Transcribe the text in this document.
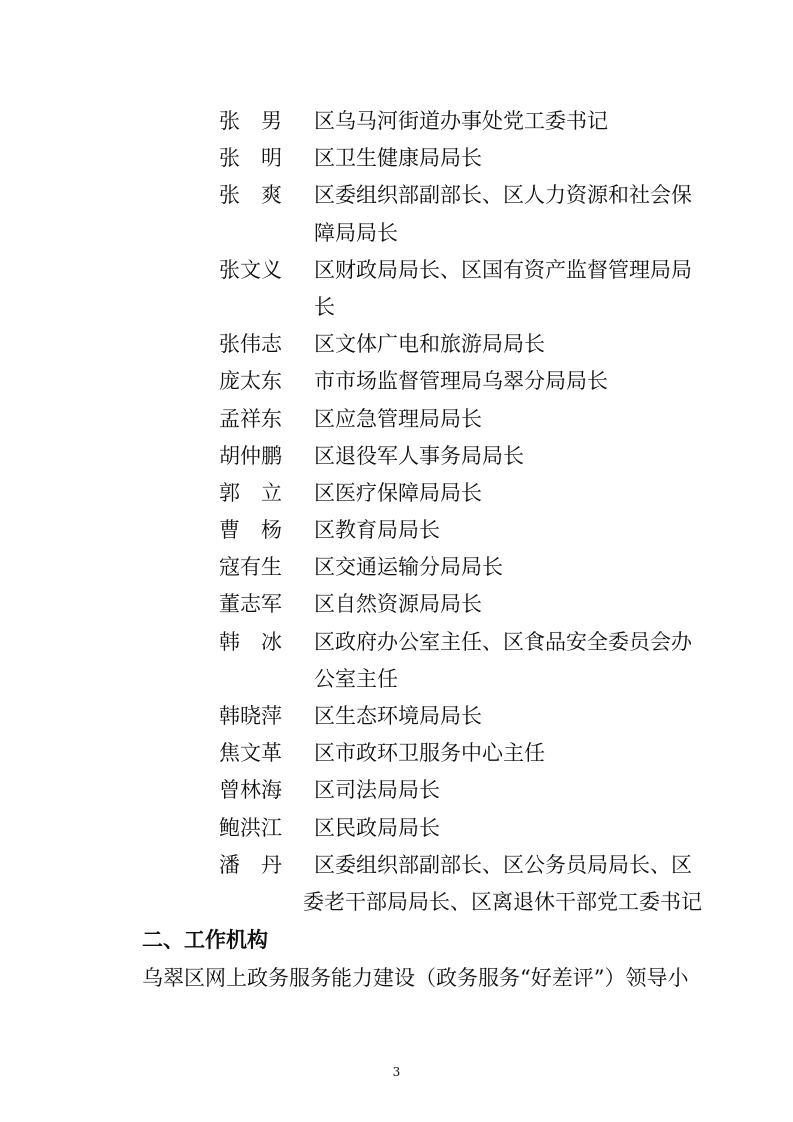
张　男 区乌马河街道办事处党工委书记
张　明 区卫生健康局局长
张　爽 区委组织部副部长、区人力资源和社会保障局局长
张文义 区财政局局长、区国有资产监督管理局局长
张伟志 区文体广电和旅游局局长
庞太东 市市场监督管理局乌翠分局局长
孟祥东 区应急管理局局长
胡仲鹏 区退役军人事务局局长
郭　立 区医疗保障局局长
曹　杨 区教育局局长
寇有生 区交通运输分局局长
董志军 区自然资源局局长
韩　冰 区政府办公室主任、区食品安全委员会办公室主任
韩晓萍 区生态环境局局长
焦文革 区市政环卫服务中心主任
曾林海 区司法局局长
鲍洪江 区民政局局长
潘　丹	区委组织部副部长、区公务员局局长、区委老干部局局长、区离退休干部党工委书记
二、工作机构
乌翠区网上政务服务能力建设（政务服务“好差评”）领导小
3
